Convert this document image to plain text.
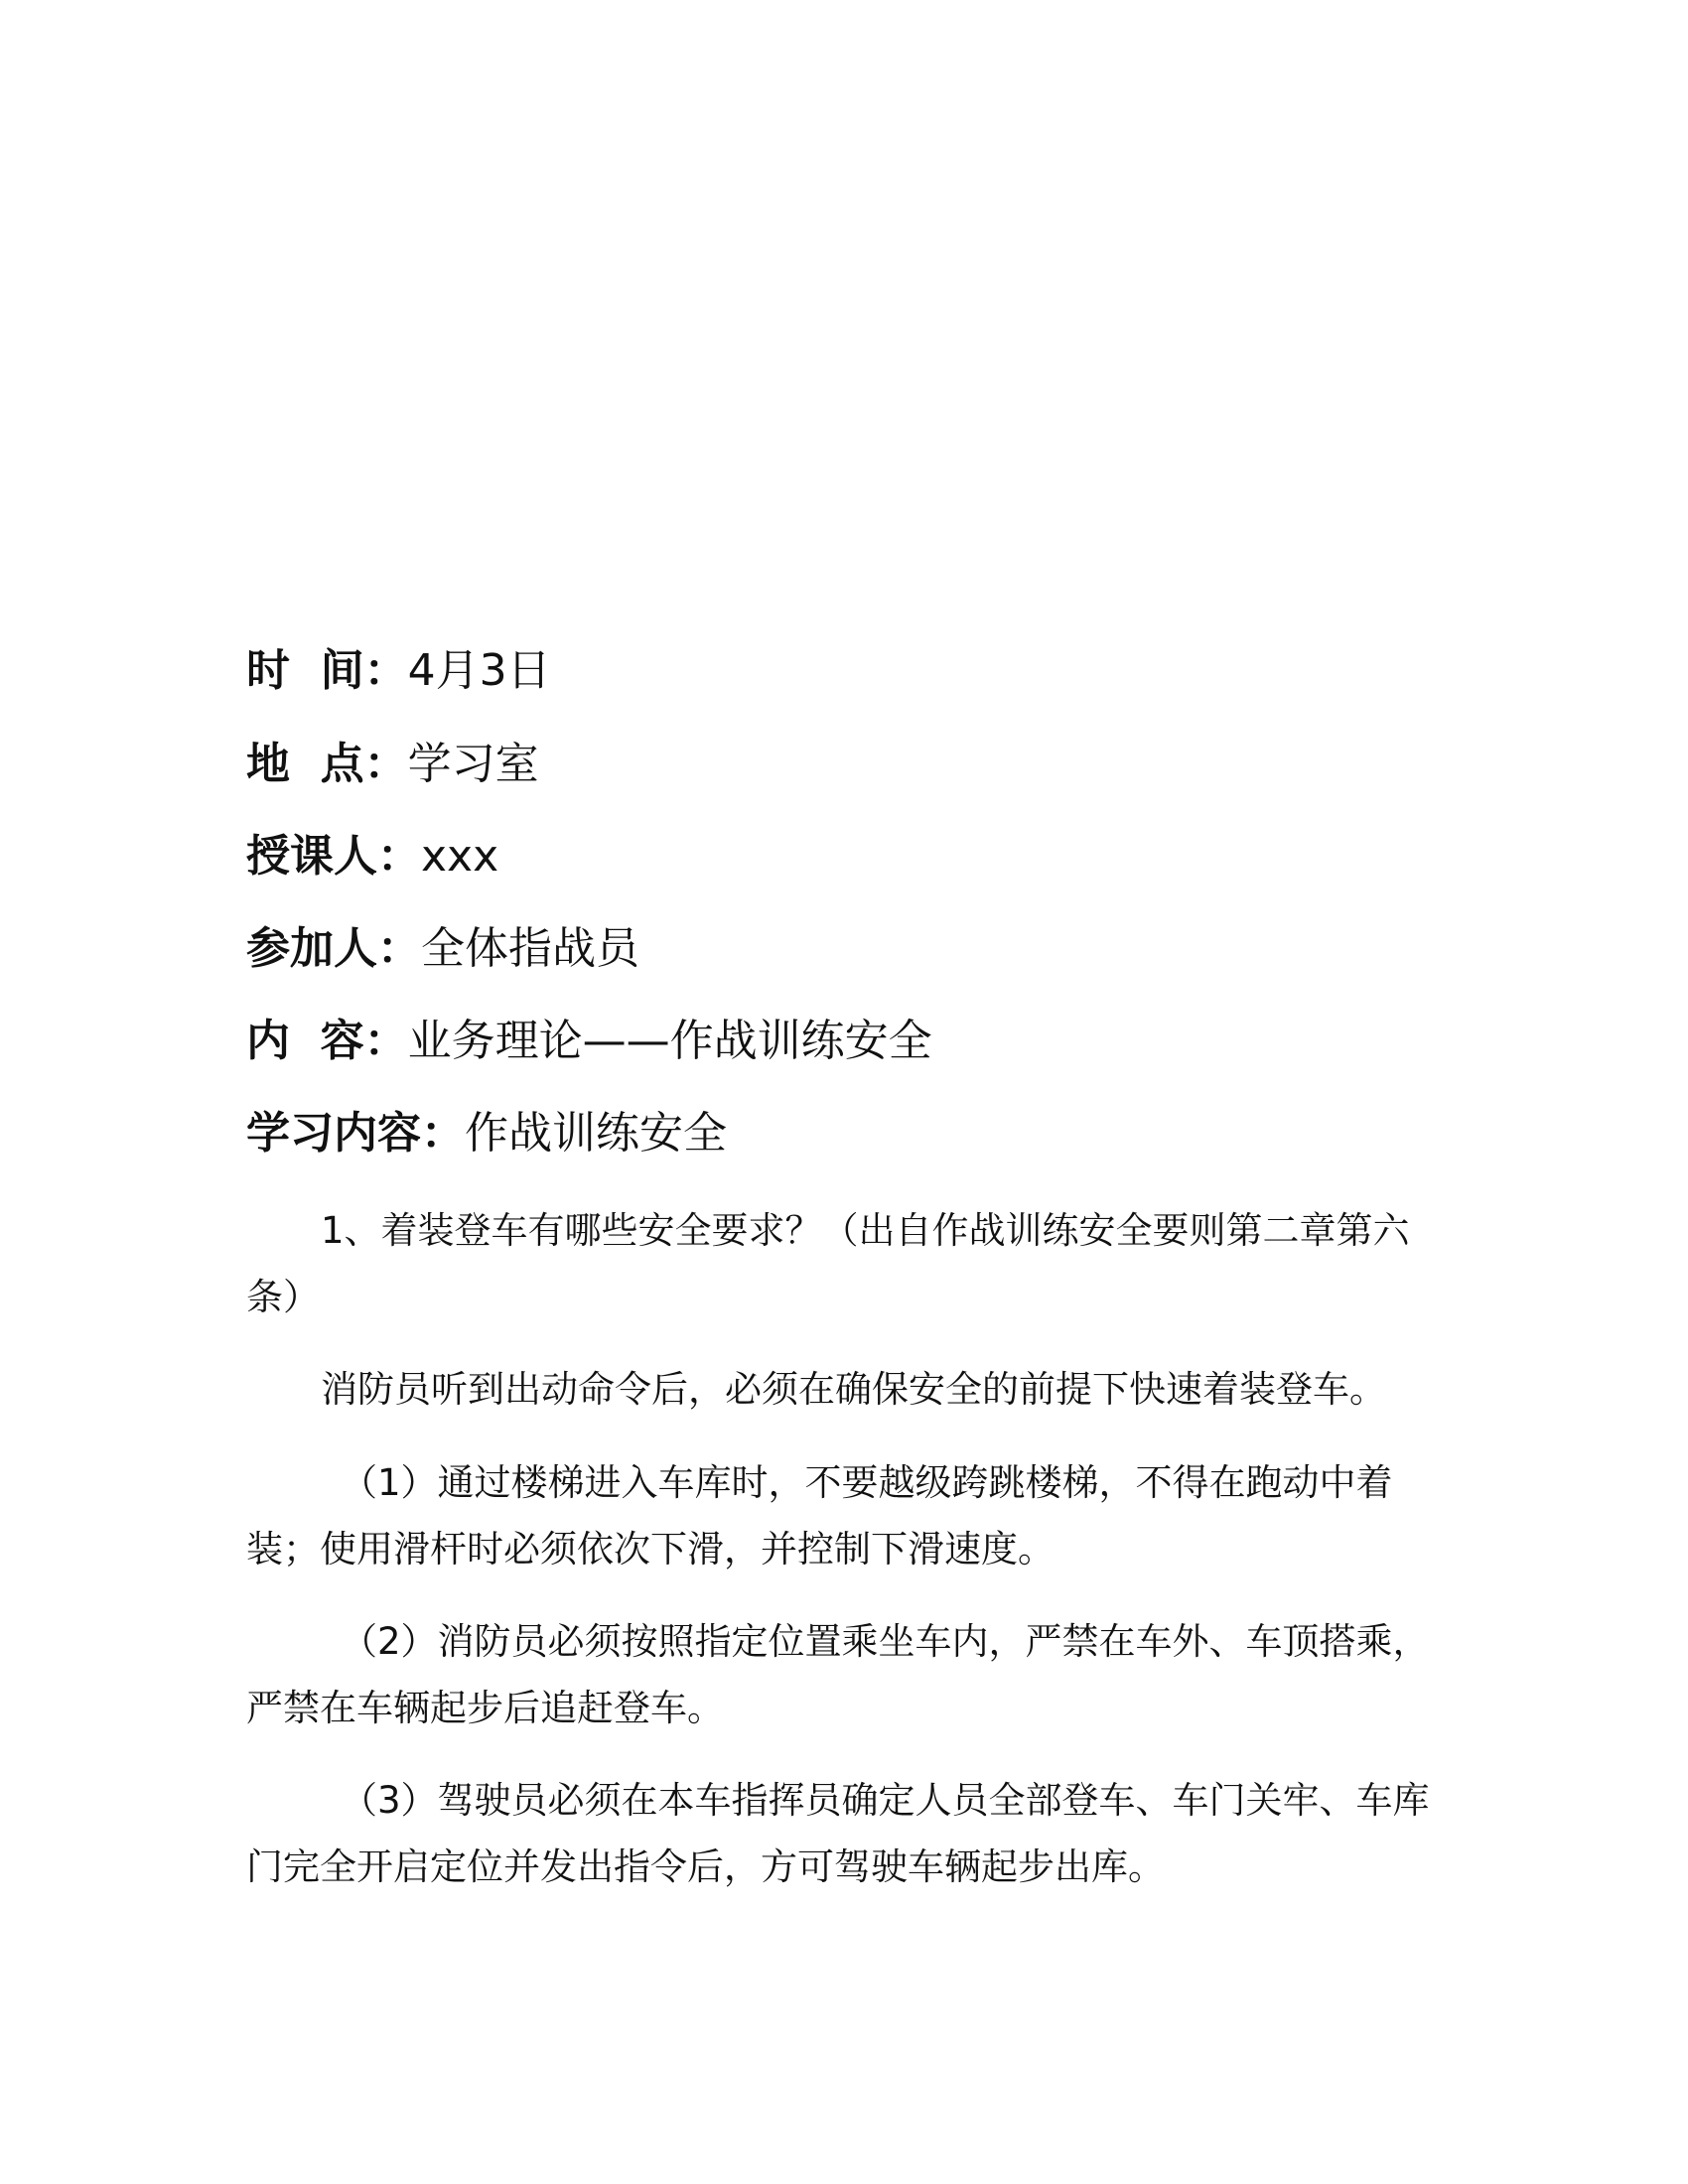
时  间：4月3日
地  点：学习室
授课人：xxx
参加人：全体指战员
内  容：业务理论——作战训练安全
学习内容：作战训练安全

1、着装登车有哪些安全要求？（出自作战训练安全要则第二章第六条）

消防员听到出动命令后，必须在确保安全的前提下快速着装登车。

（1）通过楼梯进入车库时，不要越级跨跳楼梯，不得在跑动中着装；使用滑杆时必须依次下滑，并控制下滑速度。

（2）消防员必须按照指定位置乘坐车内，严禁在车外、车顶搭乘，严禁在车辆起步后追赶登车。

（3）驾驶员必须在本车指挥员确定人员全部登车、车门关牢、车库门完全开启定位并发出指令后，方可驾驶车辆起步出库。
